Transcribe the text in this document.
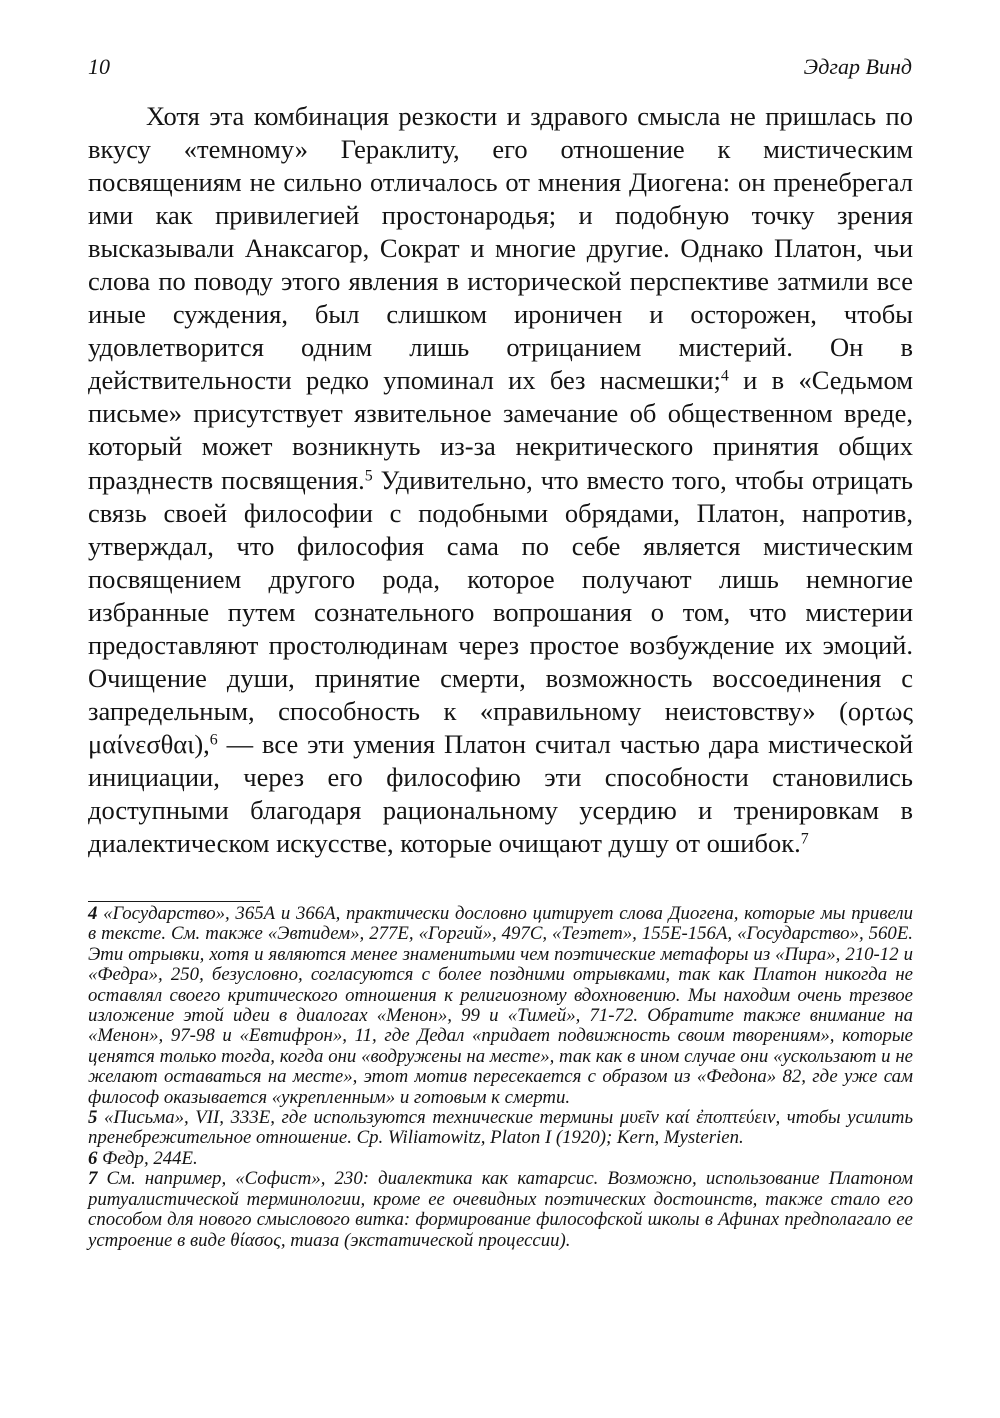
10	Эдгар Винд

Хотя эта комбинация резкости и здравого смысла не пришлась по вкусу «темному» Гераклиту, его отношение к мистическим посвящениям не сильно отличалось от мнения Диогена: он пренебрегал ими как привилегией простонародья; и подобную точку зрения высказывали Анаксагор, Сократ и многие другие. Однако Платон, чьи слова по поводу этого явления в исторической перспективе затмили все иные суждения, был слишком ироничен и осторожен, чтобы удовлетворится одним лишь отрицанием мистерий. Он в действительности редко упоминал их без насмешки;$^4$ и в «Седьмом письме» присутствует язвительное замечание об общественном вреде, который может возникнуть из-за некритического принятия общих празднеств посвящения.$^5$ Удивительно, что вместо того, чтобы отрицать связь своей философии с подобными обрядами, Платон, напротив, утверждал, что философия сама по себе является мистическим посвящением другого рода, которое получают лишь немногие избранные путем сознательного вопрошания о том, что мистерии предоставляют простолюдинам через простое возбуждение их эмоций. Очищение души, принятие смерти, возможность воссоединения с запредельным, способность к «правильному неистовству» (ορτως μαίνεσθαι),$^6$ — все эти умения Платон считал частью дара мистической инициации, через его философию эти способности становились доступными благодаря рациональному усердию и тренировкам в диалектическом искусстве, которые очищают душу от ошибок.$^7$

4 «Государство», 365А и 366А, практически дословно цитирует слова Диогена, которые мы привели в тексте. См. также «Эвтидем», 277Е, «Горгий», 497С, «Теэтет», 155Е-156А, «Государство», 560Е. Эти отрывки, хотя и являются менее знаменитыми чем поэтические метафоры из «Пира», 210-12 и «Федра», 250, безусловно, согласуются с более поздними отрывками, так как Платон никогда не оставлял своего критического отношения к религиозному вдохновению. Мы находим очень трезвое изложение этой идеи в диалогах «Менон», 99 и «Тимей», 71-72. Обратите также внимание на «Менон», 97-98 и «Евтифрон», 11, где Дедал «придает подвижность своим творениям», которые ценятся только тогда, когда они «водружены на месте», так как в ином случае они «ускользают и не желают оставаться на месте», этот мотив пересекается с образом из «Федона» 82, где уже сам философ оказывается «укрепленным» и готовым к смерти.

5 «Письма», VII, 333Е, где используются технические термины μυεῖν καί ἐποπτεύειν, чтобы усилить пренебрежительное отношение. Ср. Wiliamowitz, Platon I (1920); Kern, Mysterien.

6 Федр, 244Е.

7 См. например, «Софист», 230: диалектика как катарсис. Возможно, использование Платоном ритуалистической терминологии, кроме ее очевидных поэтических достоинств, также стало его способом для нового смыслового витка: формирование философской школы в Афинах предполагало ее устроение в виде θίασος, тиаза (экстатической процессии).
